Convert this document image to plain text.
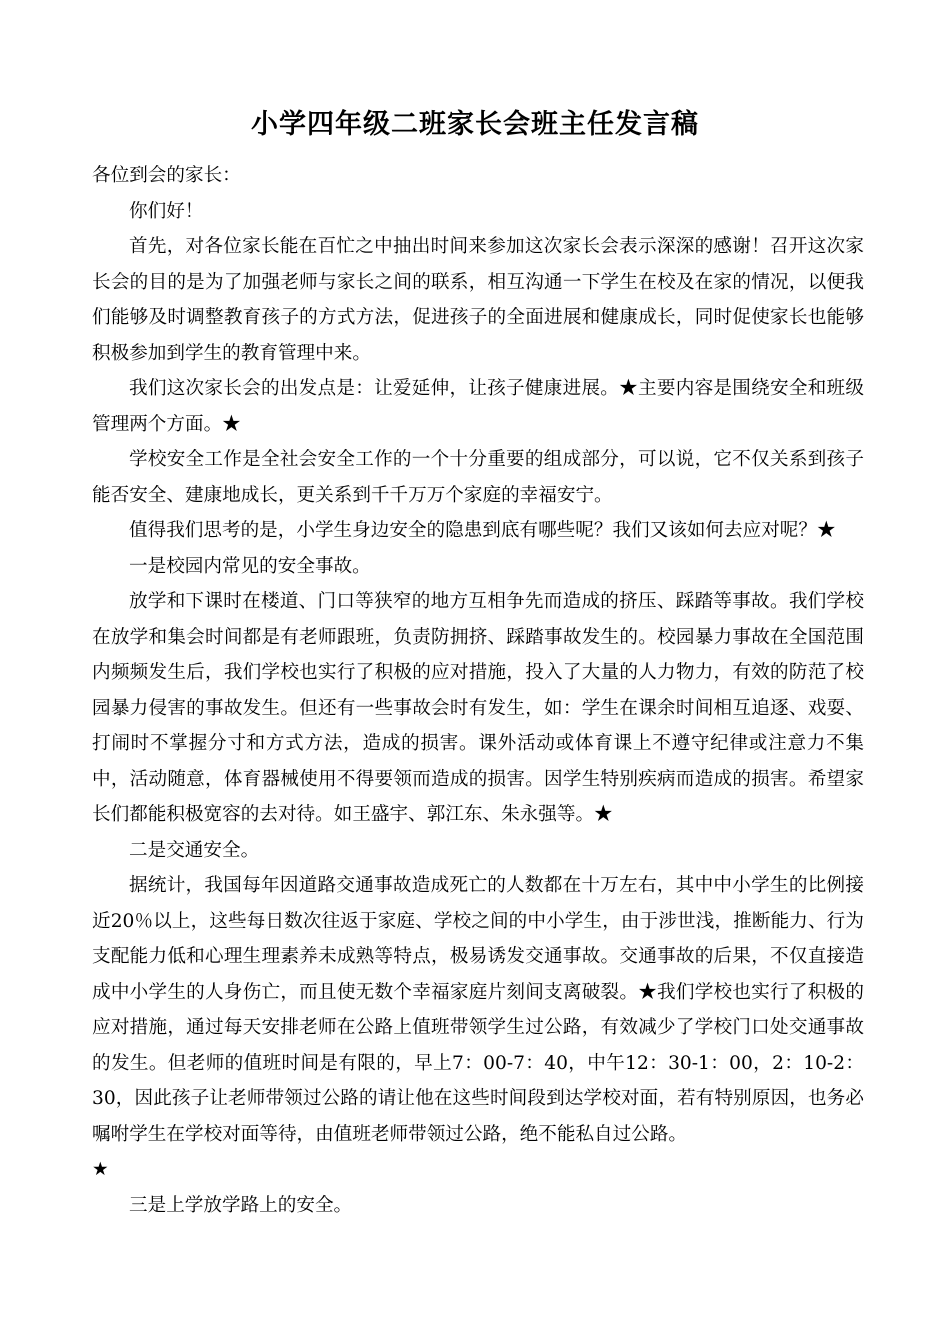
小学四年级二班家长会班主任发言稿

各位到会的家长：

你们好！

首先，对各位家长能在百忙之中抽出时间来参加这次家长会表示深深的感谢！召开这次家长会的目的是为了加强老师与家长之间的联系，相互沟通一下学生在校及在家的情况，以便我们能够及时调整教育孩子的方式方法，促进孩子的全面进展和健康成长，同时促使家长也能够积极参加到学生的教育管理中来。

我们这次家长会的出发点是：让爱延伸，让孩子健康进展。★主要内容是围绕安全和班级管理两个方面。★

学校安全工作是全社会安全工作的一个十分重要的组成部分，可以说，它不仅关系到孩子能否安全、建康地成长，更关系到千千万万个家庭的幸福安宁。

值得我们思考的是，小学生身边安全的隐患到底有哪些呢？我们又该如何去应对呢？★

一是校园内常见的安全事故。

放学和下课时在楼道、门口等狭窄的地方互相争先而造成的挤压、踩踏等事故。我们学校在放学和集会时间都是有老师跟班，负责防拥挤、踩踏事故发生的。校园暴力事故在全国范围内频频发生后，我们学校也实行了积极的应对措施，投入了大量的人力物力，有效的防范了校园暴力侵害的事故发生。但还有一些事故会时有发生，如：学生在课余时间相互追逐、戏耍、打闹时不掌握分寸和方式方法，造成的损害。课外活动或体育课上不遵守纪律或注意力不集中，活动随意，体育器械使用不得要领而造成的损害。因学生特别疾病而造成的损害。希望家长们都能积极宽容的去对待。如王盛宇、郭江东、朱永强等。★

二是交通安全。

据统计，我国每年因道路交通事故造成死亡的人数都在十万左右，其中中小学生的比例接近20％以上，这些每日数次往返于家庭、学校之间的中小学生，由于涉世浅，推断能力、行为支配能力低和心理生理素养未成熟等特点，极易诱发交通事故。交通事故的后果，不仅直接造成中小学生的人身伤亡，而且使无数个幸福家庭片刻间支离破裂。★我们学校也实行了积极的应对措施，通过每天安排老师在公路上值班带领学生过公路，有效减少了学校门口处交通事故的发生。但老师的值班时间是有限的，早上7：00-7：40，中午12：30-1：00，2：10-2：30，因此孩子让老师带领过公路的请让他在这些时间段到达学校对面，若有特别原因，也务必嘱咐学生在学校对面等待，由值班老师带领过公路，绝不能私自过公路。

★

三是上学放学路上的安全。
